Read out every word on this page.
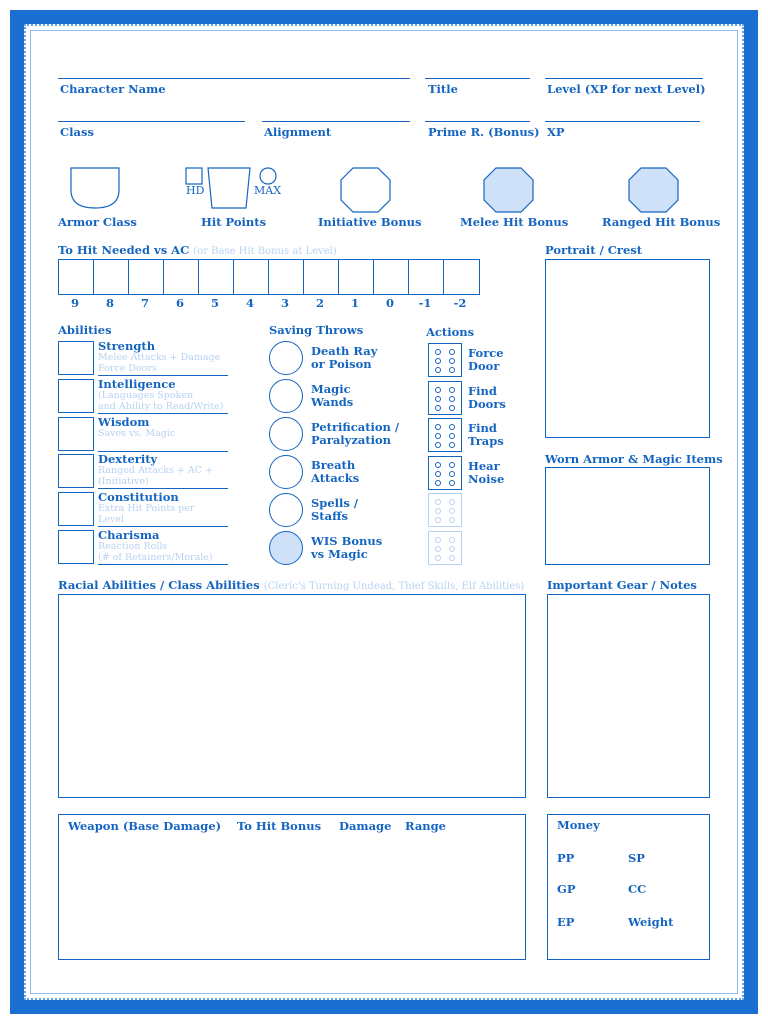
Character Name	Title	Level (XP for next Level)
Class	Alignment	Prime R. (Bonus) XP
HD	MAX
Armor Class	Hit Points	Initiative Bonus	Melee Hit Bonus	Ranged Hit Bonus
To Hit Needed vs AC (or Base Hit Bonus at Level)
9	8	7	6	5	4	3	2	1	0	-1	-2
Abilities
Strength
Melee Attacks + Damage
Force Doors
Intelligence
(Languages Spoken
and Ability to Read/Write)
Wisdom
Saves vs. Magic
Dexterity
Ranged Attacks + AC +
(Initiative)
Constitution
Extra Hit Points per
Level
Charisma
Reaction Rolls
(# of Retainers/Morale)
Saving Throws
Death Ray
or Poison
Magic
Wands
Petrification /
Paralyzation
Breath
Attacks
Spells /
Staffs
WIS Bonus
vs Magic
Actions
Force
Door
Find
Doors
Find
Traps
Hear
Noise
Portrait / Crest
Worn Armor & Magic Items
Important Gear / Notes
Racial Abilities / Class Abilities (Cleric's Turning Undead, Thief Skills, Elf Abilities)
Weapon (Base Damage) To Hit Bonus Damage Range	Money
PP	SP
GP	CC
EP	Weight
